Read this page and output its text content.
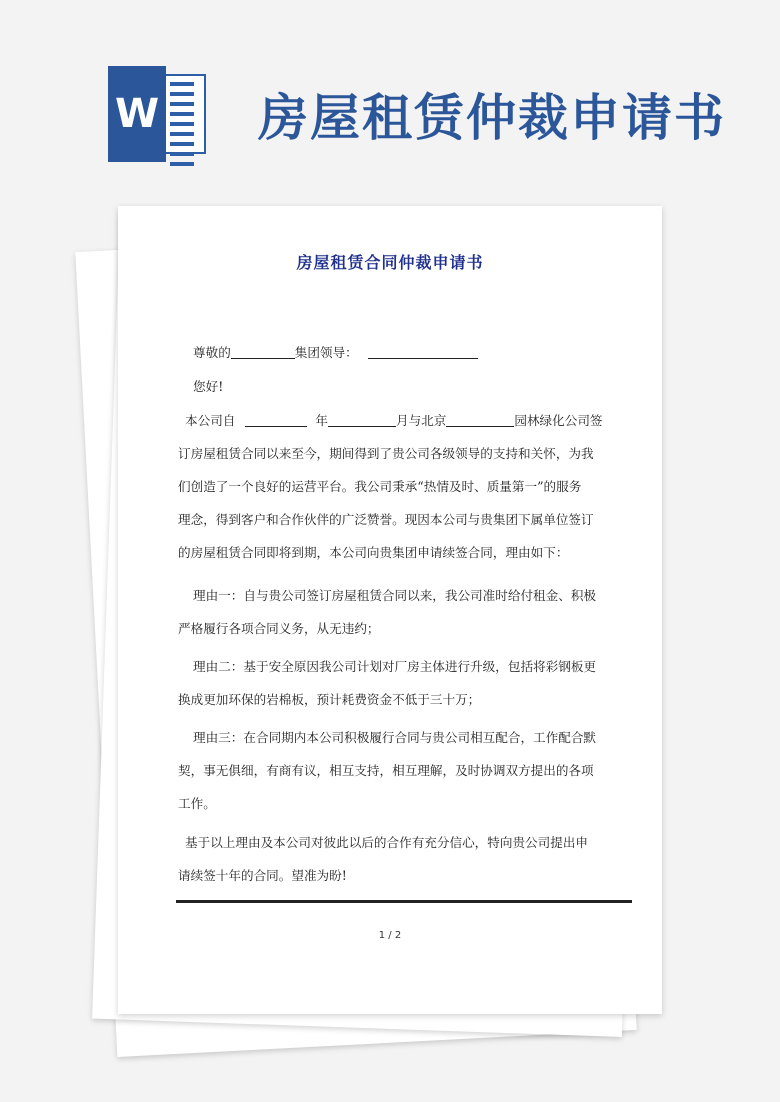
W 房屋租赁仲裁申请书
房屋租赁合同仲裁申请书
尊敬的	集团领导：
您好!
本公司自	年	月与北京	园林绿化公司签
订房屋租赁合同以来至今，期间得到了贵公司各级领导的支持和关怀，为我
们创造了一个良好的运营平台。我公司秉承“热情及时、质量第一”的服务
理念，得到客户和合作伙伴的广泛赞誉。现因本公司与贵集团下属单位签订
的房屋租赁合同即将到期，本公司向贵集团申请续签合同，理由如下：
理由一：自与贵公司签订房屋租赁合同以来，我公司准时给付租金、积极
严格履行各项合同义务，从无违约；
理由二：基于安全原因我公司计划对厂房主体进行升级，包括将彩钢板更
换成更加环保的岩棉板，预计耗费资金不低于三十万；
理由三：在合同期内本公司积极履行合同与贵公司相互配合，工作配合默
契，事无俱细，有商有议，相互支持，相互理解，及时协调双方提出的各项
工作。
基于以上理由及本公司对彼此以后的合作有充分信心，特向贵公司提出申
请续签十年的合同。望准为盼!
1 / 2
